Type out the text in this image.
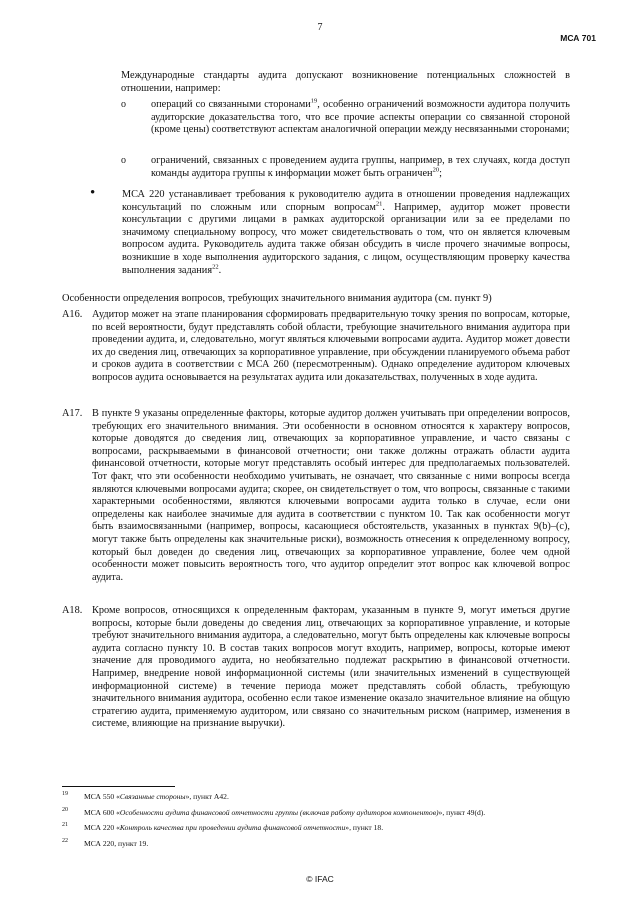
7
МСА 701

Международные стандарты аудита допускают возникновение потенциальных сложностей в отношении, например:

o операций со связанными сторонами$^{19}$, особенно ограничений возможности аудитора получить аудиторские доказательства того, что все прочие аспекты операции со связанной стороной (кроме цены) соответствуют аспектам аналогичной операции между несвязанными сторонами;

o ограничений, связанных с проведением аудита группы, например, в тех случаях, когда доступ команды аудитора группы к информации может быть ограничен$^{20}$;

•	МСА 220 устанавливает требования к руководителю аудита в отношении проведения надлежащих консультаций по сложным или спорным вопросам$^{21}$. Например, аудитор может провести консультации с другими лицами в рамках аудиторской организации или за ее пределами по значимому специальному вопросу, что может свидетельствовать о том, что он является ключевым вопросом аудита. Руководитель аудита также обязан обсудить в числе прочего значимые вопросы, возникшие в ходе выполнения аудиторского задания, с лицом, осуществляющим проверку качества выполнения задания$^{22}$.

Особенности определения вопросов, требующих значительного внимания аудитора (см. пункт 9)
A16. Аудитор может на этапе планирования сформировать предварительную точку зрения по вопросам, которые, по всей вероятности, будут представлять собой области, требующие значительного внимания аудитора при проведении аудита, и, следовательно, могут являться ключевыми вопросами аудита. Аудитор может довести их до сведения лиц, отвечающих за корпоративное управление, при обсуждении планируемого объема работ и сроков аудита в соответствии с МСА 260 (пересмотренным). Однако определение аудитором ключевых вопросов аудита основывается на результатах аудита или доказательствах, полученных в ходе аудита.

A17. В пункте 9 указаны определенные факторы, которые аудитор должен учитывать при определении вопросов, требующих его значительного внимания. Эти особенности в основном относятся к характеру вопросов, которые доводятся до сведения лиц, отвечающих за корпоративное управление, и часто связаны с вопросами, раскрываемыми в финансовой отчетности; они также должны отражать области аудита финансовой отчетности, которые могут представлять особый интерес для предполагаемых пользователей. Тот факт, что эти особенности необходимо учитывать, не означает, что связанные с ними вопросы всегда являются ключевыми вопросами аудита; скорее, он свидетельствует о том, что вопросы, связанные с такими характерными особенностями, являются ключевыми вопросами аудита только в случае, если они определены как наиболее значимые для аудита в соответствии с пунктом 10. Так как особенности могут быть взаимосвязанными (например, вопросы, касающиеся обстоятельств, указанных в пунктах 9(b)–(c), могут также быть определены как значительные риски), возможность отнесения к определенному вопросу, который был доведен до сведения лиц, отвечающих за корпоративное управление, более чем одной особенности может повысить вероятность того, что аудитор определит этот вопрос как ключевой вопрос аудита.

A18. Кроме вопросов, относящихся к определенным факторам, указанным в пункте 9, могут иметься другие вопросы, которые были доведены до сведения лиц, отвечающих за корпоративное управление, и которые требуют значительного внимания аудитора, а следовательно, могут быть определены как ключевые вопросы аудита согласно пункту 10. В состав таких вопросов могут входить, например, вопросы, которые имеют значение для проводимого аудита, но необязательно подлежат раскрытию в финансовой отчетности. Например, внедрение новой информационной системы (или значительных изменений в существующей информационной системе) в течение периода может представлять собой область, требующую значительного внимания аудитора, особенно если такое изменение оказало значительное влияние на общую стратегию аудита, применяемую аудитором, или связано со значительным риском (например, изменения в системе, влияющие на признание выручки).

19 МСА 550 «Связанные стороны», пункт A42.
20 МСА 600 «Особенности аудита финансовой отчетности группы (включая работу аудиторов компонентов)», пункт 49(d).
21 МСА 220 «Контроль качества при проведении аудита финансовой отчетности», пункт 18.
22 МСА 220, пункт 19.
© IFAC
